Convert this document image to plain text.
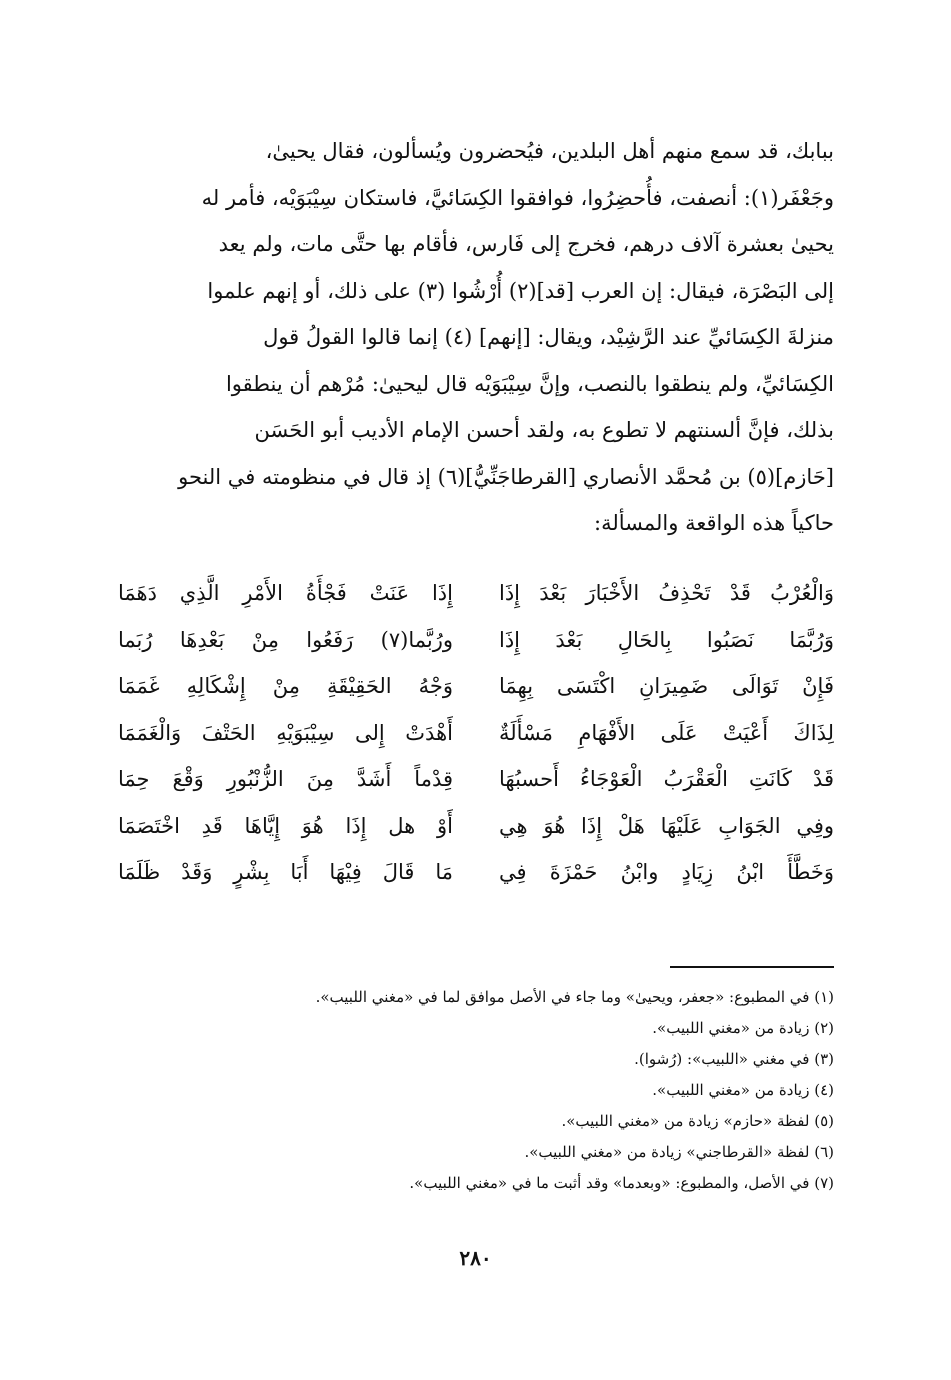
ببابك، قد سمع منهم أهل البلدين، فيُحضرون ويُسألون، فقال يحيىٰ،
وجَعْفَر(١): أنصفت، فأُحضِرُوا، فوافقوا الكِسَائيَّ، فاستكان سِيْبَوَيْه، فأمر له
يحيىٰ بعشرة آلاف درهم، فخرج إلى فَارس، فأقام بها حتَّى مات، ولم يعد
إلى البَصْرَة، فيقال: إن العرب [قد](٢) أُرْشُوا (٣) على ذلك، أو إنهم علموا
منزلةَ الكِسَائيِّ عند الرَّشِيْد، ويقال: [إنهم] (٤) إنما قالوا القولُ قول
الكِسَائيِّ، ولم ينطقوا بالنصب، وإنَّ سِيْبَوَيْه قال ليحيىٰ: مُرْهم أن ينطقوا
بذلك، فإنَّ ألسنتهم لا تطوع به، ولقد أحسن الإمام الأديب أبو الحَسَن
[حَازم](٥) بن مُحمَّد الأنصاري [القرطاجَنِّيُّ](٦) إذ قال في منظومته في النحو
حاكياً هذه الواقعة والمسألة:
وَالْعُرْبُ قَدْ تَحْذِفُ الأَخْبَارَ بَعْدَ إِذَا
إِذَا عَنَتْ فَجْأَةُ الأَمْرِ الَّذِي دَهَمَا
وَرُبَّمَا نَصَبُوا بِالحَالِ بَعْدَ إِذَا
ورُبَّما(٧) رَفَعُوا مِنْ بَعْدِهَا رُبَما
فَإِنْ تَوَالَى ضَمِيرَانِ اكْتَسَى بِهِمَا
وَجْهُ الحَقِيْقَةِ مِنْ إِشْكَالِهِ غَمَمَا
لِذَاكَ أَعْيَتْ عَلَى الأَفْهَامِ مَسْأَلَةٌ
أَهْدَتْ إِلى سِيْبَوَيْهِ الحَتْفَ وَالْغَمَمَا
قَدْ كَانَتِ الْعَقْرَبُ الْعَوْجَاءُ أَحسبُهَا
قِدْماً أَشَدَّ مِنَ الزُّنْبُورِ وَقْعَ حِمَا
وفِي الجَوَابِ عَلَيْهَا هَلْ إِذَا هُوَ هِي
أَوْ هل إِذَا هُوَ إِيَّاهَا قَدِ اخْتَصَمَا
وَخَطَّأَ ابْنُ زِيَادٍ وابْنُ حَمْزَةَ فِي
مَا قَالَ فِيْهَا أَبَا بِشْرٍ وَقَدْ ظَلَمَا
(١) في المطبوع: «جعفر، ويحيىٰ» وما جاء في الأصل موافق لما في «مغني اللبيب».
(٢) زيادة من «مغني اللبيب».
(٣) في مغني «اللبيب»: (رُشوا).
(٤) زيادة من «مغني اللبيب».
(٥) لفظة «حازم» زيادة من «مغني اللبيب».
(٦) لفظة «القرطاجني» زيادة من «مغني اللبيب».
(٧) في الأصل، والمطبوع: «وبعدما» وقد أثبت ما في «مغني اللبيب».
٢٨٠
